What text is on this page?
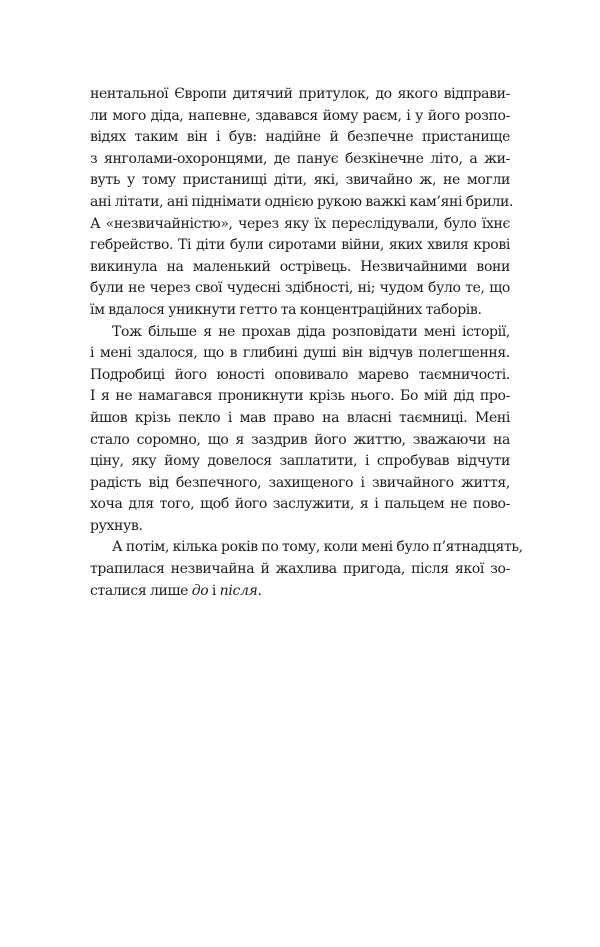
нентальної Європи дитячий притулок, до якого відправи-
ли мого діда, напевне, здавався йому раєм, і у його розпо-
відях таким він і був: надійне й безпечне пристанище
з янголами-охоронцями, де панує безкінечне літо, а жи-
вуть у тому пристанищі діти, які, звичайно ж, не могли
ані літати, ані піднімати однією рукою важкі кам’яні брили.
А «незвичайністю», через яку їх переслідували, було їхнє
гебрейство. Ті діти були сиротами війни, яких хвиля крові
викинула на маленький острівець. Незвичайними вони
були не через свої чудесні здібності, ні; чудом було те, що
їм вдалося уникнути гетто та концентраційних таборів.
Тож більше я не прохав діда розповідати мені історії,
і мені здалося, що в глибині душі він відчув полегшення.
Подробиці його юності оповивало марево таємничості.
І я не намагався проникнути крізь нього. Бо мій дід про-
йшов крізь пекло і мав право на власні таємниці. Мені
стало соромно, що я заздрив його життю, зважаючи на
ціну, яку йому довелося заплатити, і спробував відчути
радість від безпечного, захищеного і звичайного життя,
хоча для того, щоб його заслужити, я і пальцем не пово-
рухнув.
А потім, кілька років по тому, коли мені було п’ятнадцять,
трапилася незвичайна й жахлива пригода, після якої зо-
сталися лише до і після.
